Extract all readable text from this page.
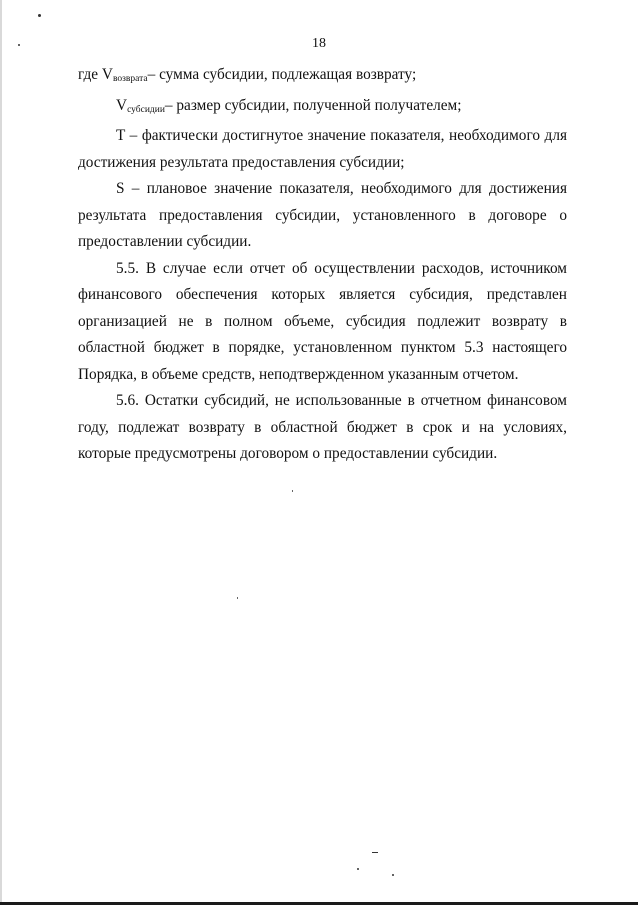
18

где $V_{возврата}-$ сумма субсидии, подлежащая возврату;

$V_{субсидии}-$ размер субсидии, полученной получателем;

T – фактически достигнутое значение показателя, необходимого для достижения результата предоставления субсидии;

S – плановое значение показателя, необходимого для достижения результата предоставления субсидии, установленного в договоре о предоставлении субсидии.

5.5. В случае если отчет об осуществлении расходов, источником финансового обеспечения которых является субсидия, представлен организацией не в полном объеме, субсидия подлежит возврату в областной бюджет в порядке, установленном пунктом 5.3 настоящего Порядка, в объеме средств, неподтвержденном указанным отчетом.

5.6. Остатки субсидий, не использованные в отчетном финансовом году, подлежат возврату в областной бюджет в срок и на условиях, которые предусмотрены договором о предоставлении субсидии.
